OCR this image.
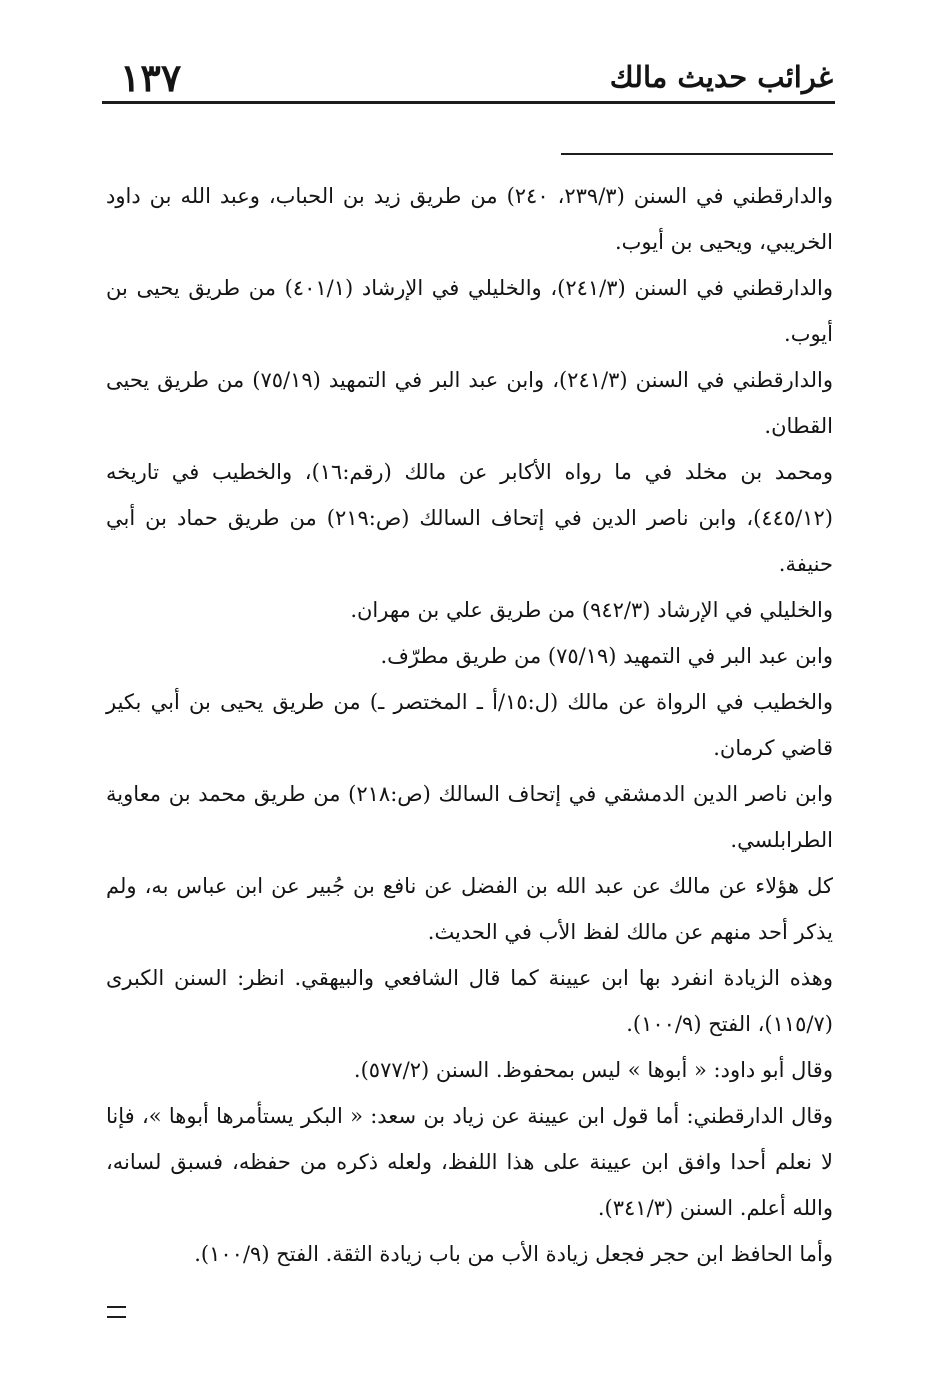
غرائب حديث مالك
١٣٧

والدارقطني في السنن (٢٣٩/٣، ٢٤٠) من طريق زيد بن الحباب، وعبد الله بن داود الخريبي، ويحيى بن أيوب.

والدارقطني في السنن (٢٤١/٣)، والخليلي في الإرشاد (٤٠١/١) من طريق يحيى بن أيوب.

والدارقطني في السنن (٢٤١/٣)، وابن عبد البر في التمهيد (٧٥/١٩) من طريق يحيى القطان.

ومحمد بن مخلد في ما رواه الأكابر عن مالك (رقم:١٦)، والخطيب في تاريخه (٤٤٥/١٢)، وابن ناصر الدين في إتحاف السالك (ص:٢١٩) من طريق حماد بن أبي حنيفة.

والخليلي في الإرشاد (٩٤٢/٣) من طريق علي بن مهران.

وابن عبد البر في التمهيد (٧٥/١٩) من طريق مطرّف.

والخطيب في الرواة عن مالك (ل:١٥/أ ـ المختصر ـ) من طريق يحيى بن أبي بكير قاضي كرمان.

وابن ناصر الدين الدمشقي في إتحاف السالك (ص:٢١٨) من طريق محمد بن معاوية الطرابلسي.

كل هؤلاء عن مالك عن عبد الله بن الفضل عن نافع بن جُبير عن ابن عباس به، ولم يذكر أحد منهم عن مالك لفظ الأب في الحديث.

وهذه الزيادة انفرد بها ابن عيينة كما قال الشافعي والبيهقي. انظر: السنن الكبرى (١١٥/٧)، الفتح (١٠٠/٩).

وقال أبو داود: « أبوها » ليس بمحفوظ. السنن (٥٧٧/٢).

وقال الدارقطني: أما قول ابن عيينة عن زياد بن سعد: « البكر يستأمرها أبوها »، فإنا لا نعلم أحدا وافق ابن عيينة على هذا اللفظ، ولعله ذكره من حفظه، فسبق لسانه، والله أعلم. السنن (٣٤١/٣).

وأما الحافظ ابن حجر فجعل زيادة الأب من باب زيادة الثقة. الفتح (١٠٠/٩).
